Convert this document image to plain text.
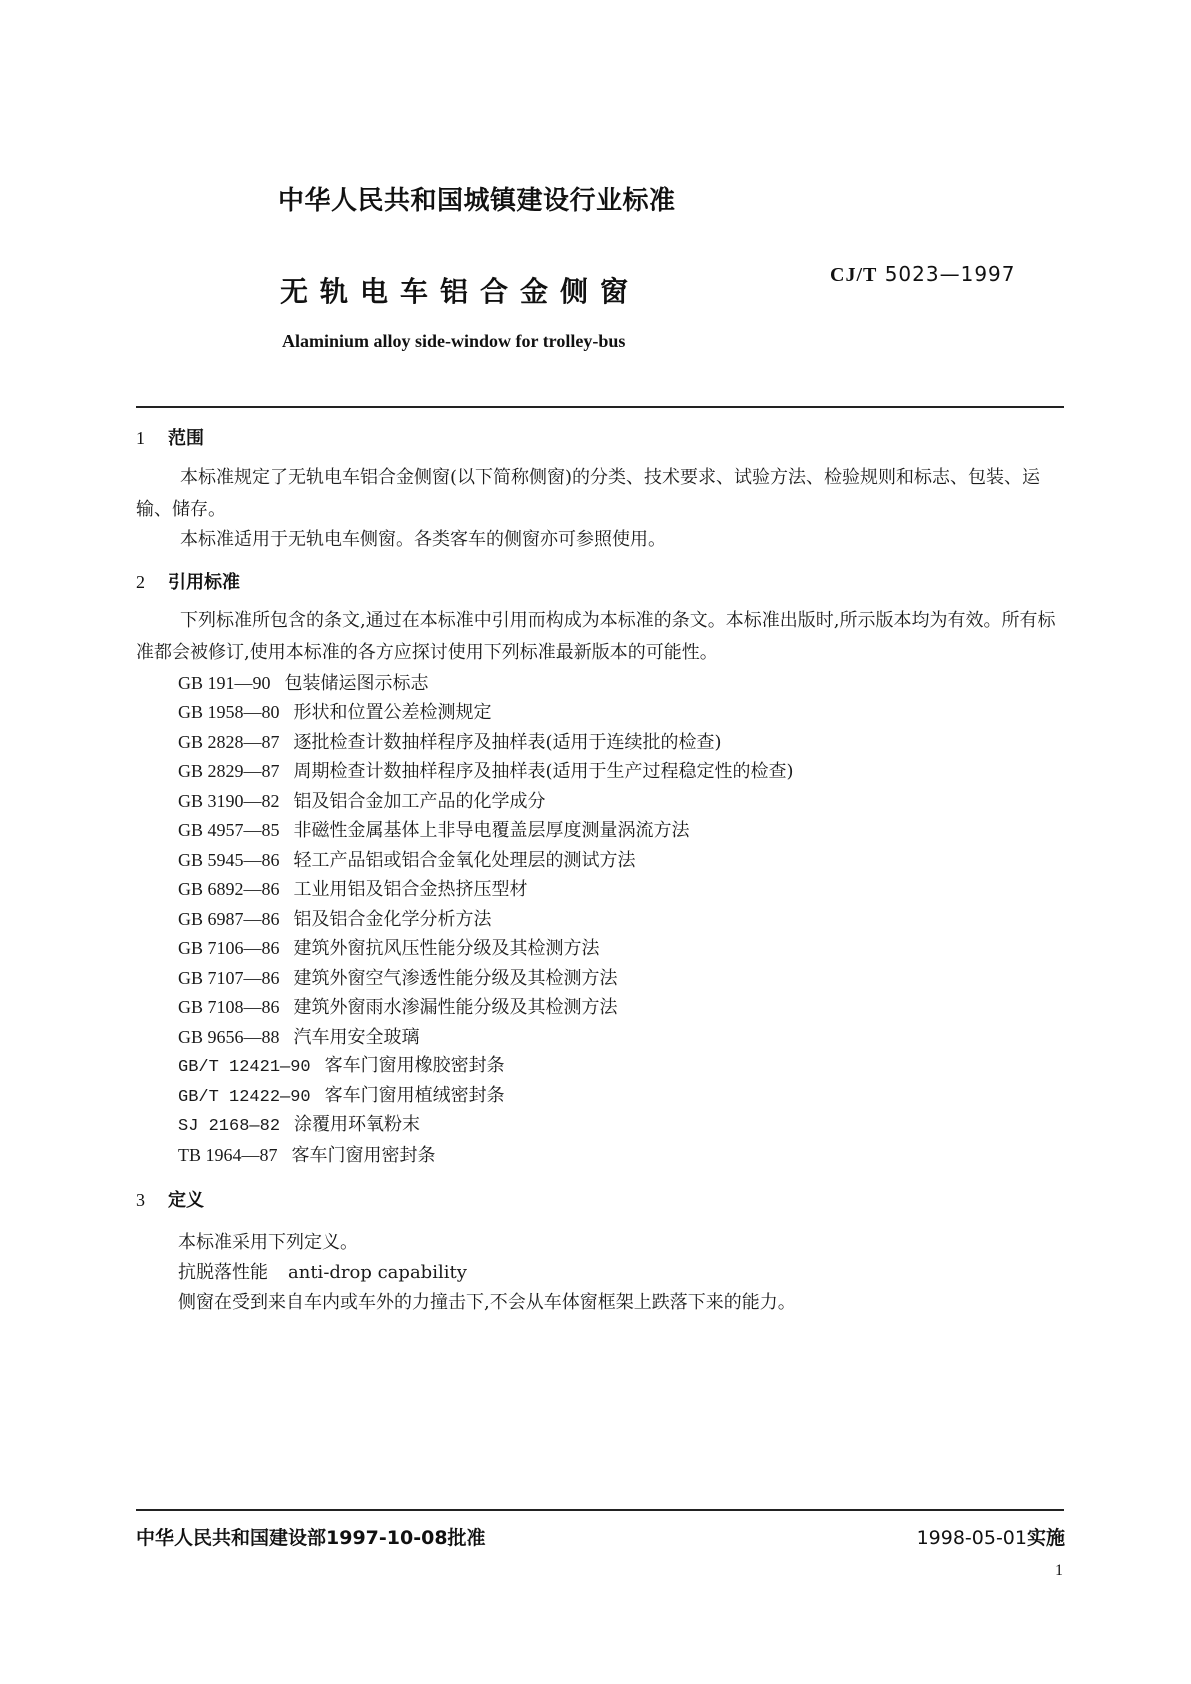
中华人民共和国城镇建设行业标准
无轨电车铝合金侧窗	CJ/T 5023—1997
Alaminium alloy side-window for trolley-bus
1 范围
本标准规定了无轨电车铝合金侧窗(以下简称侧窗)的分类、技术要求、试验方法、检验规则和标志、包装、运输、储存。
本标准适用于无轨电车侧窗。各类客车的侧窗亦可参照使用。
2 引用标准
下列标准所包含的条文,通过在本标准中引用而构成为本标准的条文。本标准出版时,所示版本均为有效。所有标准都会被修订,使用本标准的各方应探讨使用下列标准最新版本的可能性。
GB 191—90 包装储运图示标志
GB 1958—80 形状和位置公差检测规定
GB 2828—87 逐批检查计数抽样程序及抽样表(适用于连续批的检查)
GB 2829—87 周期检查计数抽样程序及抽样表(适用于生产过程稳定性的检查)
GB 3190—82 铝及铝合金加工产品的化学成分
GB 4957—85 非磁性金属基体上非导电覆盖层厚度测量涡流方法
GB 5945—86 轻工产品铝或铝合金氧化处理层的测试方法
GB 6892—86 工业用铝及铝合金热挤压型材
GB 6987—86 铝及铝合金化学分析方法
GB 7106—86 建筑外窗抗风压性能分级及其检测方法
GB 7107—86 建筑外窗空气渗透性能分级及其检测方法
GB 7108—86 建筑外窗雨水渗漏性能分级及其检测方法
GB 9656—88 汽车用安全玻璃
GB/T 12421—90 客车门窗用橡胶密封条
GB/T 12422—90 客车门窗用植绒密封条
SJ 2168—82 涂覆用环氧粉末
TB 1964—87 客车门窗用密封条
3 定义
本标准采用下列定义。
抗脱落性能 anti-drop capability
侧窗在受到来自车内或车外的力撞击下,不会从车体窗框架上跌落下来的能力。
中华人民共和国建设部1997-10-08批准	1998-05-01实施
1
